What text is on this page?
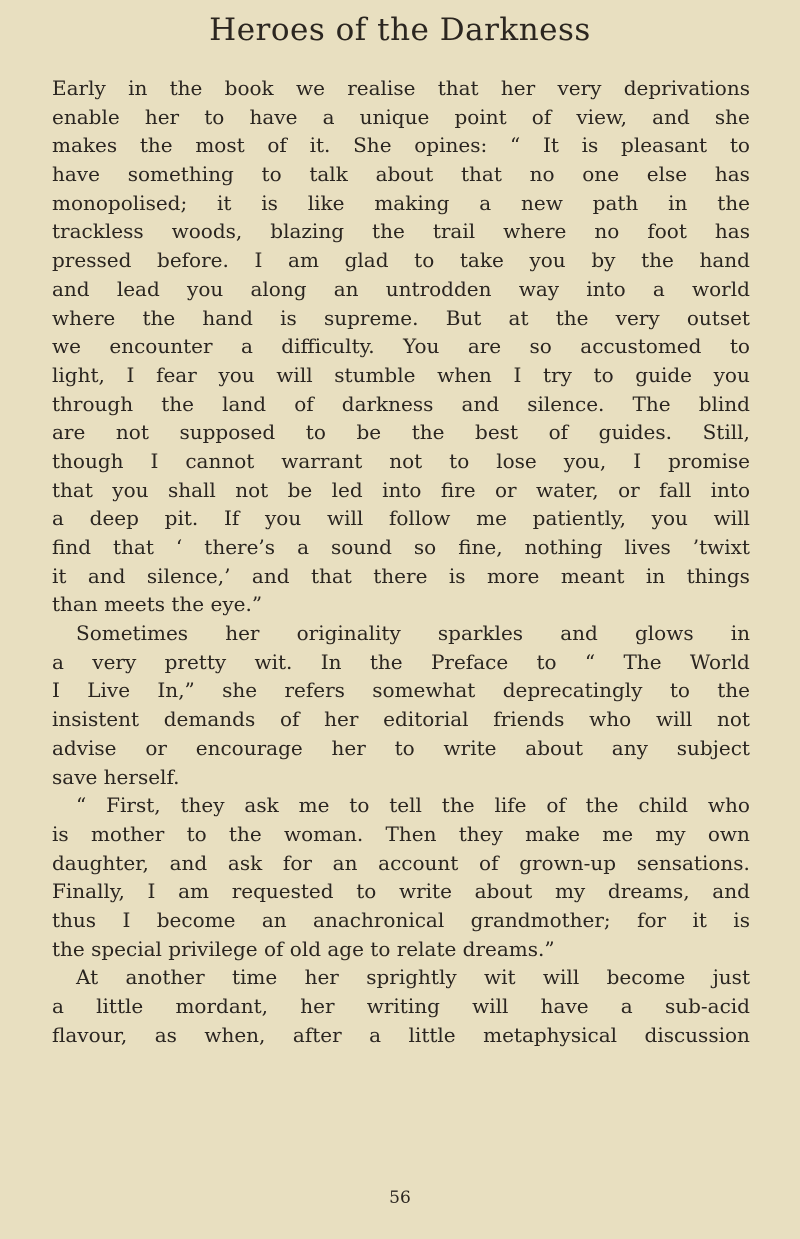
Heroes of the Darkness
Early in the book we realise that her very deprivations
enable her to have a unique point of view, and she
makes the most of it. She opines: “ It is pleasant to
have something to talk about that no one else has
monopolised; it is like making a new path in the
trackless woods, blazing the trail where no foot has
pressed before. I am glad to take you by the hand
and lead you along an untrodden way into a world
where the hand is supreme. But at the very outset
we encounter a difficulty. You are so accustomed to
light, I fear you will stumble when I try to guide you
through the land of darkness and silence. The blind
are not supposed to be the best of guides. Still,
though I cannot warrant not to lose you, I promise
that you shall not be led into fire or water, or fall into
a deep pit. If you will follow me patiently, you will
find that ‘ there’s a sound so fine, nothing lives ’twixt
it and silence,’ and that there is more meant in things
than meets the eye.”
Sometimes her originality sparkles and glows in
a very pretty wit. In the Preface to “ The World
I Live In,” she refers somewhat deprecatingly to the
insistent demands of her editorial friends who will not
advise or encourage her to write about any subject
save herself.
“ First, they ask me to tell the life of the child who
is mother to the woman. Then they make me my own
daughter, and ask for an account of grown-up sensations.
Finally, I am requested to write about my dreams, and
thus I become an anachronical grandmother; for it is
the special privilege of old age to relate dreams.”
At another time her sprightly wit will become just
a little mordant, her writing will have a sub-acid
flavour, as when, after a little metaphysical discussion
56
